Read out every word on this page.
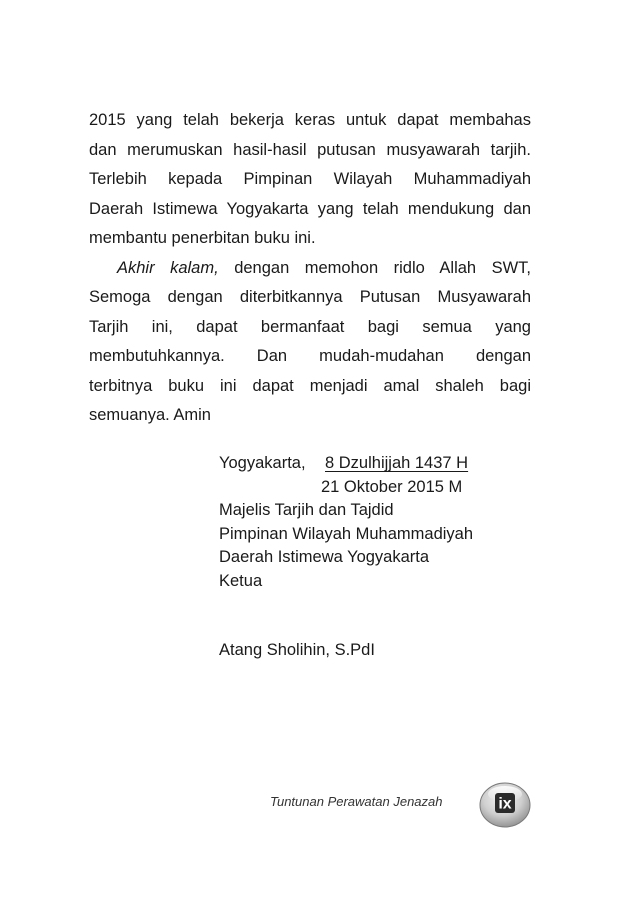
2015 yang telah bekerja keras untuk dapat membahas
dan merumuskan hasil-hasil putusan musyawarah tarjih.
Terlebih kepada Pimpinan Wilayah Muhammadiyah
Daerah Istimewa Yogyakarta yang telah mendukung dan
membantu penerbitan buku ini.
Akhir kalam, dengan memohon ridlo Allah SWT,
Semoga dengan diterbitkannya Putusan Musyawarah
Tarjih ini, dapat bermanfaat bagi semua yang
membutuhkannya. Dan mudah-mudahan dengan
terbitnya buku ini dapat menjadi amal shaleh bagi
semuanya. Amin
Yogyakarta, 8 Dzulhijjah 1437 H
21 Oktober 2015 M
Majelis Tarjih dan Tajdid
Pimpinan Wilayah Muhammadiyah
Daerah Istimewa Yogyakarta
Ketua
Atang Sholihin, S.PdI
Tuntunan Perawatan Jenazah	ix
